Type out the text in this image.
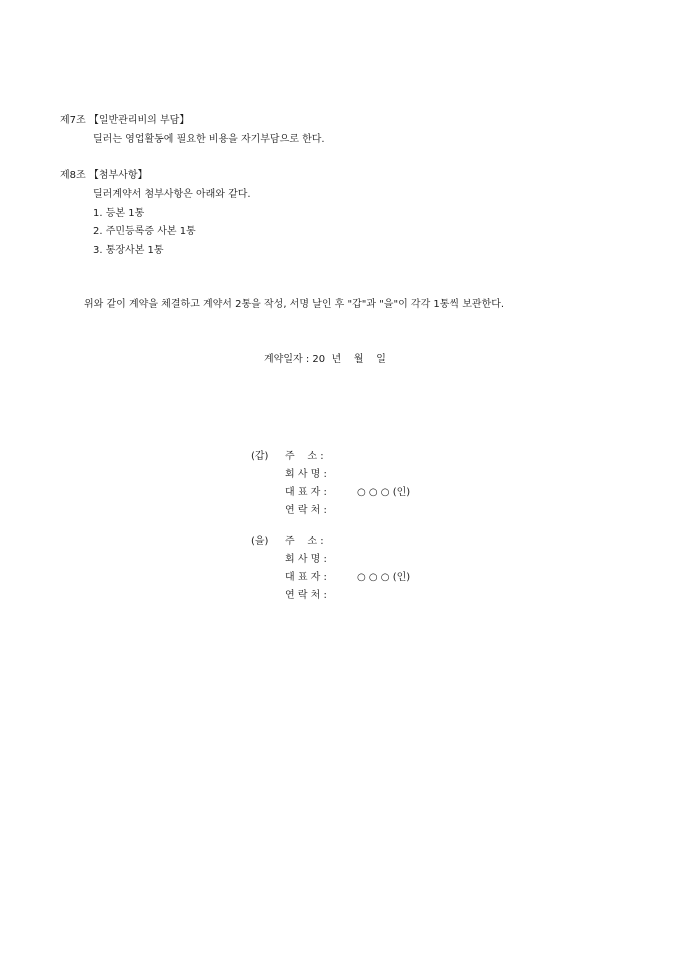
제7조 【일반관리비의 부담】
딜러는 영업활동에 필요한 비용을 자기부담으로 한다.
제8조 【첨부사항】
딜러계약서 첨부사항은 아래와 같다.
1. 등본 1통
2. 주민등록증 사본 1통
3. 통장사본 1통
위와 같이 계약을 체결하고 계약서 2통을 작성, 서명 날인 후 "갑"과 "을"이 각각 1통씩 보관한다.
계약일자 : 20  년    월    일
(갑)	주    소 :
회 사 명 :
대 표 자 :	○ ○ ○ (인)
연 락 처 :
(을)	주    소 :
회 사 명 :
대 표 자 :	○ ○ ○ (인)
연 락 처 :
